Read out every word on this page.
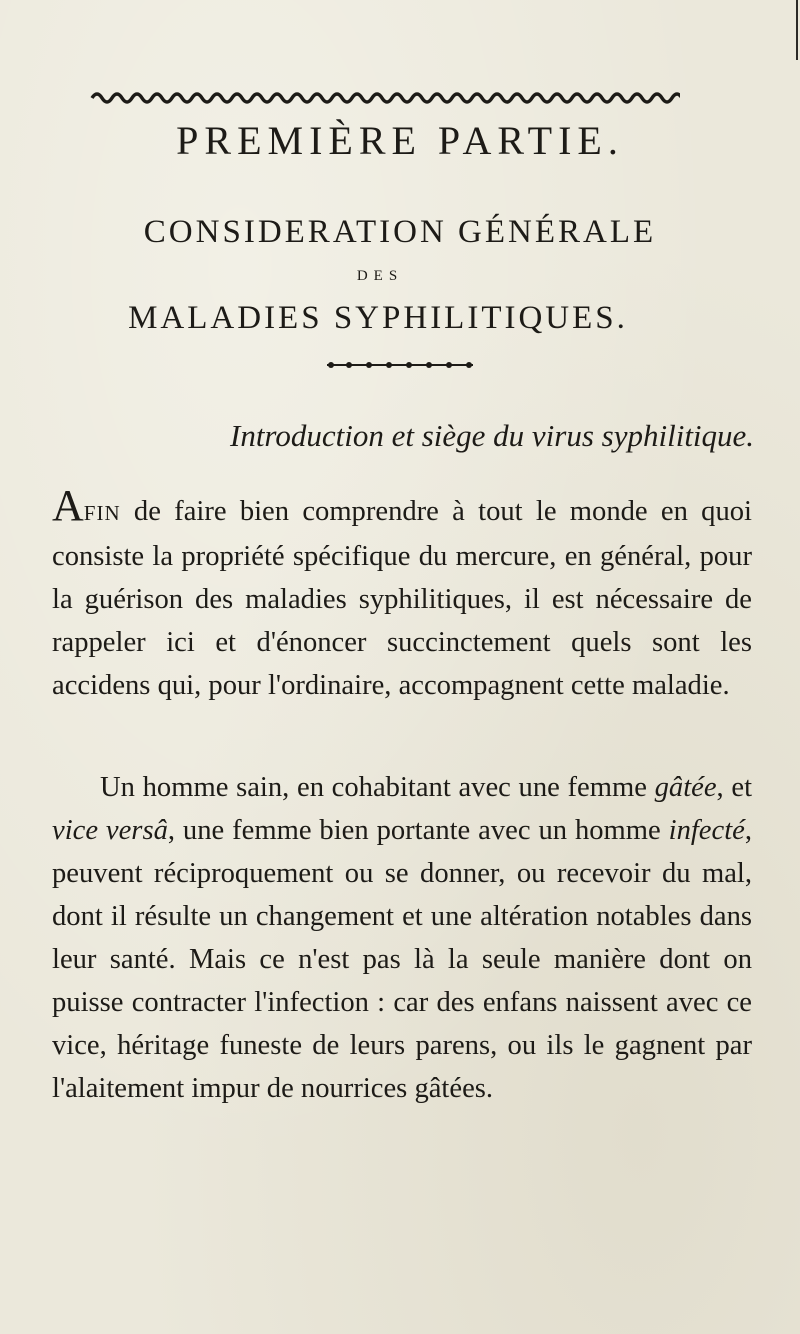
PREMIÈRE PARTIE.
CONSIDERATION GÉNÉRALE
DES
MALADIES SYPHILITIQUES.
Introduction et siège du virus syphilitique.
AFIN de faire bien comprendre à tout le monde en quoi consiste la propriété spécifique du mercure, en général, pour la guérison des maladies syphilitiques, il est nécessaire de rappeler ici et d'énoncer succinctement quels sont les accidens qui, pour l'ordinaire, accompagnent cette maladie.
Un homme sain, en cohabitant avec une femme gâtée, et vice versâ, une femme bien portante avec un homme infecté, peuvent réciproquement ou se donner, ou recevoir du mal, dont il résulte un changement et une altération notables dans leur santé. Mais ce n'est pas là la seule manière dont on puisse contracter l'infection : car des enfans naissent avec ce vice, héritage funeste de leurs parens, ou ils le gagnent par l'alaitement impur de nourrices gâtées.
